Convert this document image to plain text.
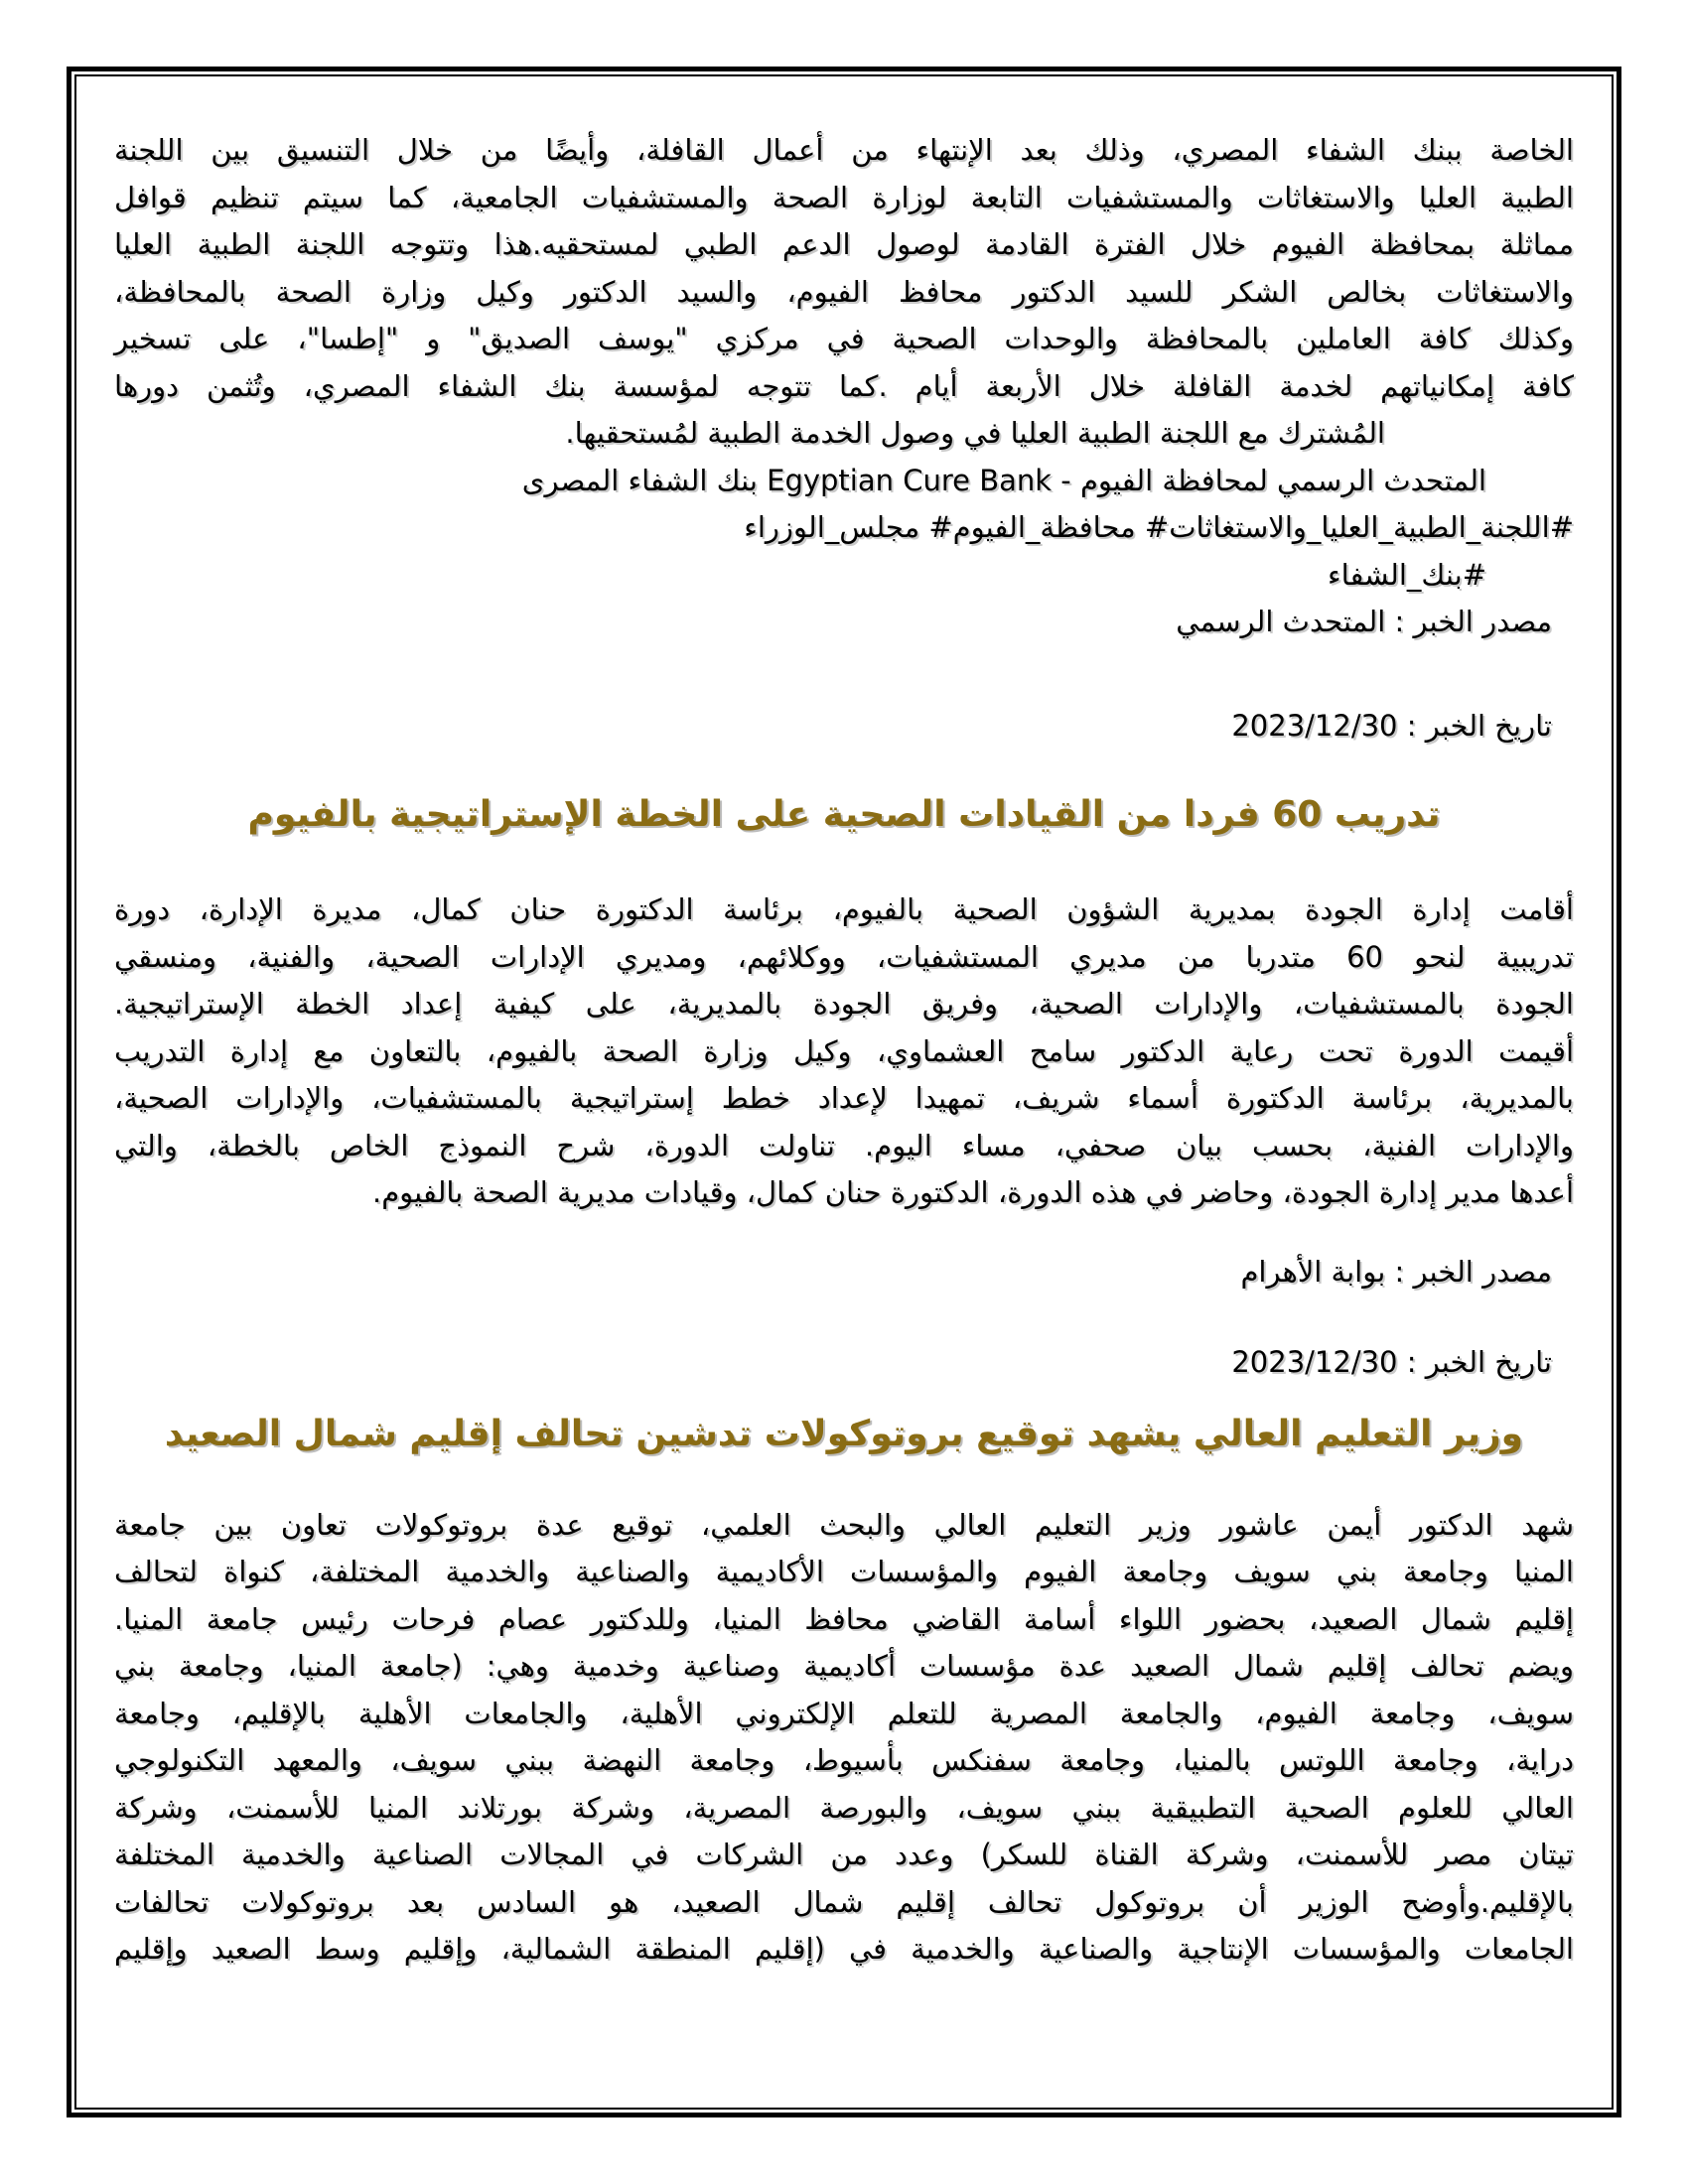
الخاصة ببنك الشفاء المصري، وذلك بعد الإنتهاء من أعمال القافلة، وأيضًا من خلال التنسيق بين اللجنة
الطبية العليا والاستغاثات والمستشفيات التابعة لوزارة الصحة والمستشفيات الجامعية، كما سيتم تنظيم قوافل
مماثلة بمحافظة الفيوم خلال الفترة القادمة لوصول الدعم الطبي لمستحقيه.هذا وتتوجه اللجنة الطبية العليا
والاستغاثات بخالص الشكر للسيد الدكتور محافظ الفيوم، والسيد الدكتور وكيل وزارة الصحة بالمحافظة،
وكذلك كافة العاملين بالمحافظة والوحدات الصحية في مركزي "يوسف الصديق" و "إطسا"، على تسخير
كافة إمكانياتهم لخدمة القافلة خلال الأربعة أيام .كما تتوجه لمؤسسة بنك الشفاء المصري، وتُثمن دورها
المُشترك مع اللجنة الطبية العليا في وصول الخدمة الطبية لمُستحقيها.
المتحدث الرسمي لمحافظة الفيوم - Egyptian Cure Bank بنك الشفاء المصرى
#اللجنة_الطبية_العليا_والاستغاثات# محافظة_الفيوم# مجلس_الوزراء
#بنك_الشفاء
مصدر الخبر : المتحدث الرسمي
تاريخ الخبر : 2023/12/30
تدريب 60 فردا من القيادات الصحية على الخطة الإستراتيجية بالفيوم
أقامت إدارة الجودة بمديرية الشؤون الصحية بالفيوم، برئاسة الدكتورة حنان كمال، مديرة الإدارة، دورة
تدريبية لنحو 60 متدربا من مديري المستشفيات، ووكلائهم، ومديري الإدارات الصحية، والفنية، ومنسقي
الجودة بالمستشفيات، والإدارات الصحية، وفريق الجودة بالمديرية، على كيفية إعداد الخطة الإستراتيجية.
أقيمت الدورة تحت رعاية الدكتور سامح العشماوي، وكيل وزارة الصحة بالفيوم، بالتعاون مع إدارة التدريب
بالمديرية، برئاسة الدكتورة أسماء شريف، تمهيدا لإعداد خطط إستراتيجية بالمستشفيات، والإدارات الصحية،
والإدارات الفنية، بحسب بيان صحفي، مساء اليوم. تناولت الدورة، شرح النموذج الخاص بالخطة، والتي
أعدها مدير إدارة الجودة، وحاضر في هذه الدورة، الدكتورة حنان كمال، وقيادات مديرية الصحة بالفيوم.
مصدر الخبر : بوابة الأهرام
تاريخ الخبر : 2023/12/30
وزير التعليم العالي يشهد توقيع بروتوكولات تدشين تحالف إقليم شمال الصعيد
شهد الدكتور أيمن عاشور وزير التعليم العالي والبحث العلمي، توقيع عدة بروتوكولات تعاون بين جامعة
المنيا وجامعة بني سويف وجامعة الفيوم والمؤسسات الأكاديمية والصناعية والخدمية المختلفة، كنواة لتحالف
إقليم شمال الصعيد، بحضور اللواء أسامة القاضي محافظ المنيا، وللدكتور عصام فرحات رئيس جامعة المنيا.
ويضم تحالف إقليم شمال الصعيد عدة مؤسسات أكاديمية وصناعية وخدمية وهي: (جامعة المنيا، وجامعة بني
سويف، وجامعة الفيوم، والجامعة المصرية للتعلم الإلكتروني الأهلية، والجامعات الأهلية بالإقليم، وجامعة
دراية، وجامعة اللوتس بالمنيا، وجامعة سفنكس بأسيوط، وجامعة النهضة ببني سويف، والمعهد التكنولوجي
العالي للعلوم الصحية التطبيقية ببني سويف، والبورصة المصرية، وشركة بورتلاند المنيا للأسمنت، وشركة
تيتان مصر للأسمنت، وشركة القناة للسكر) وعدد من الشركات في المجالات الصناعية والخدمية المختلفة
بالإقليم.وأوضح الوزير أن بروتوكول تحالف إقليم شمال الصعيد، هو السادس بعد بروتوكولات تحالفات
الجامعات والمؤسسات الإنتاجية والصناعية والخدمية في (إقليم المنطقة الشمالية، وإقليم وسط الصعيد وإقليم
